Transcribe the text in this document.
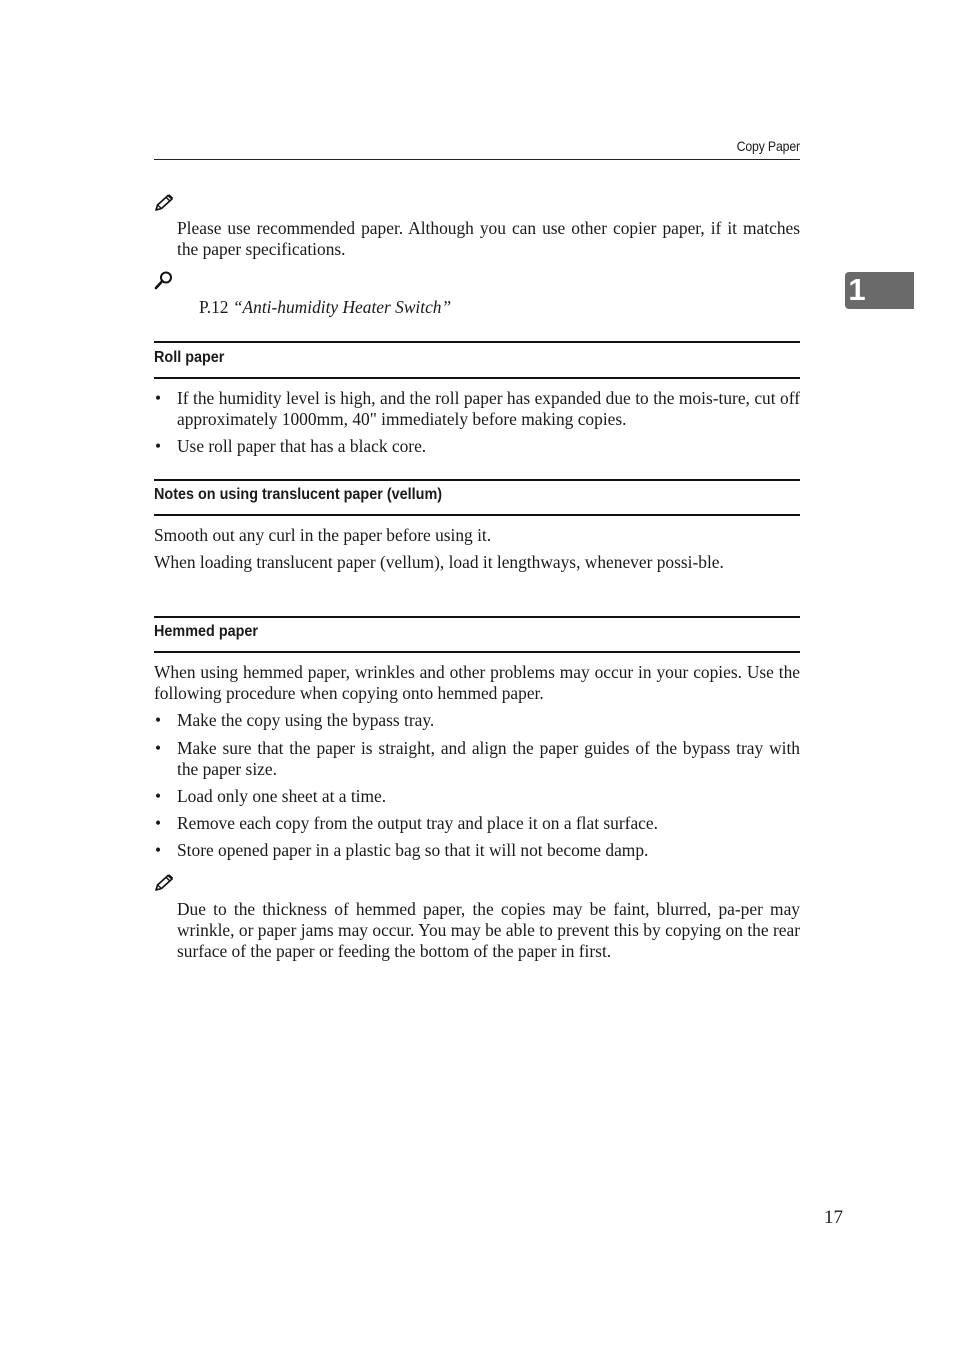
Copy Paper
1
Please use recommended paper. Although you can use other copier paper, if it matches the paper specifications.
P.12 “Anti-humidity Heater Switch”
Roll paper
• If the humidity level is high, and the roll paper has expanded due to the mois-ture, cut off approximately 1000mm, 40" immediately before making copies.
• Use roll paper that has a black core.
Notes on using translucent paper (vellum)
Smooth out any curl in the paper before using it.
When loading translucent paper (vellum), load it lengthways, whenever possi-ble.
Hemmed paper
When using hemmed paper, wrinkles and other problems may occur in your copies. Use the following procedure when copying onto hemmed paper.
• Make the copy using the bypass tray.
• Make sure that the paper is straight, and align the paper guides of the bypass tray with the paper size.
• Load only one sheet at a time.
• Remove each copy from the output tray and place it on a flat surface.
• Store opened paper in a plastic bag so that it will not become damp.
Due to the thickness of hemmed paper, the copies may be faint, blurred, pa-per may wrinkle, or paper jams may occur. You may be able to prevent this by copying on the rear surface of the paper or feeding the bottom of the paper in first.
17
